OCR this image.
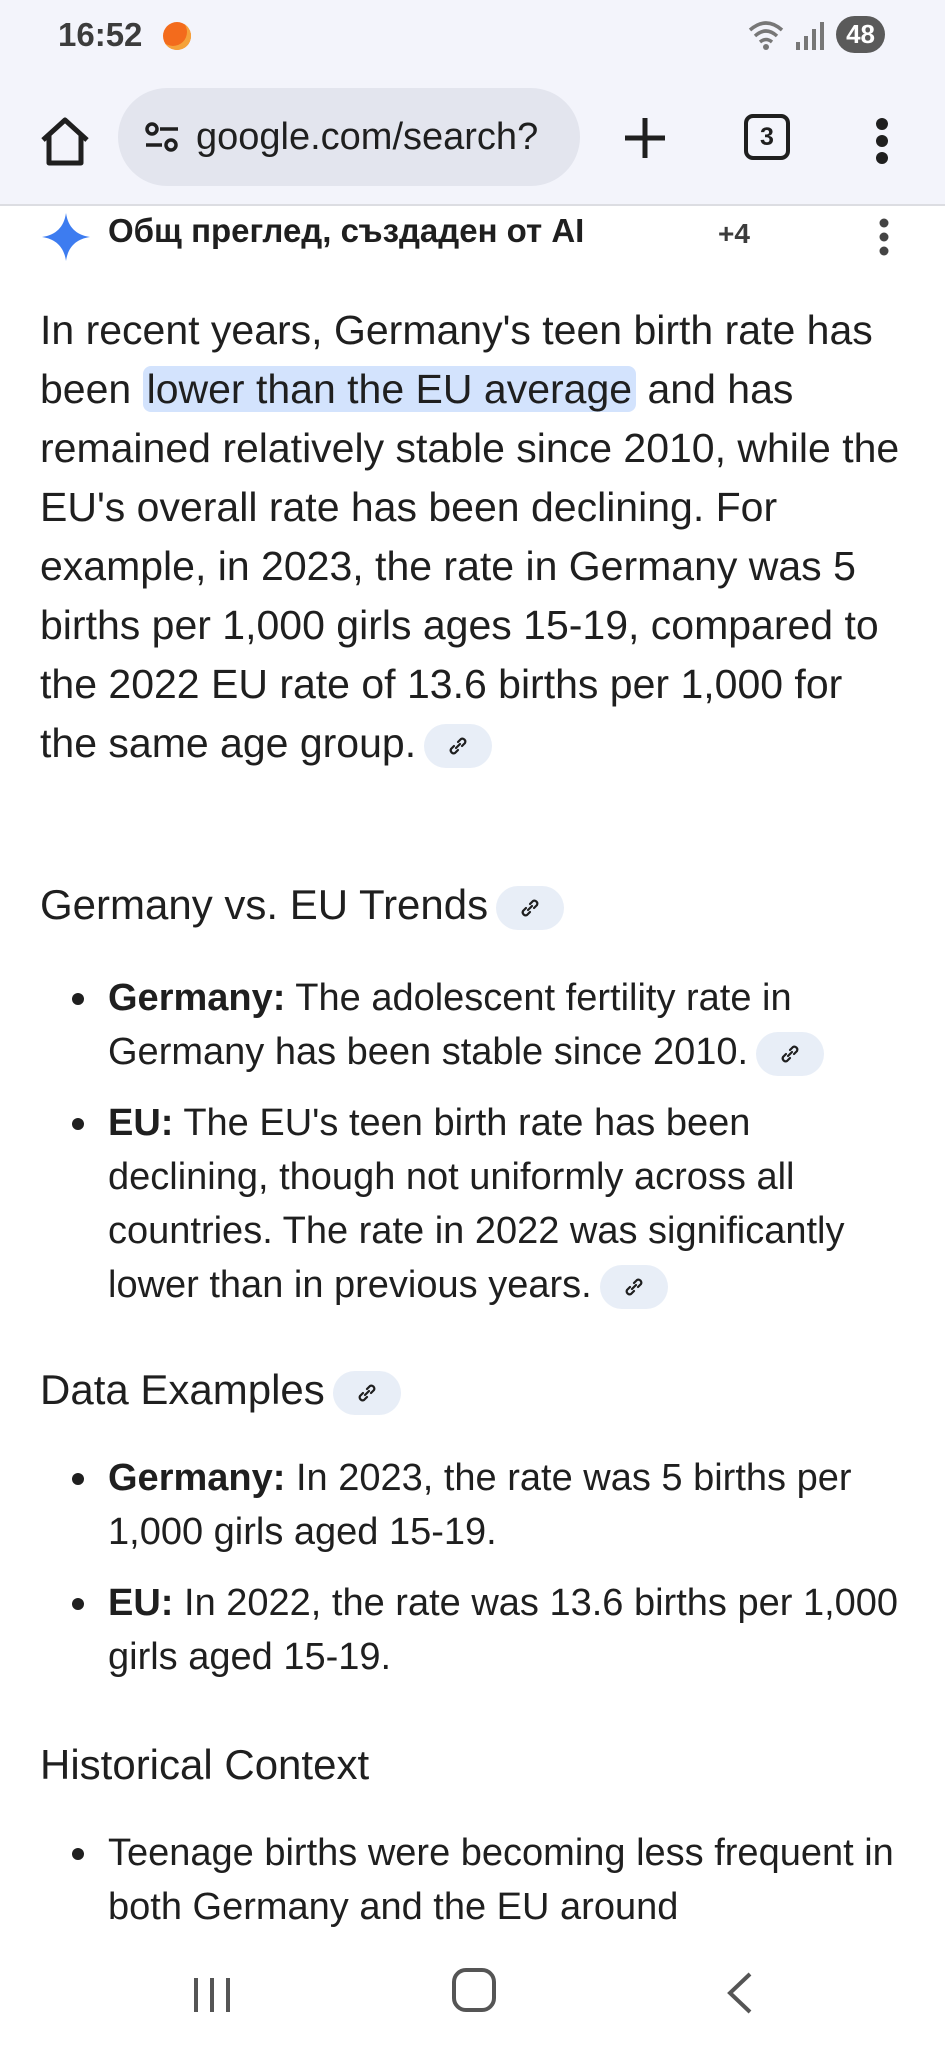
16:52	48
google.com/search?	3
Общ преглед, създаден от AI	+4

In recent years, Germany's teen birth rate has been lower than the EU average and has remained relatively stable since 2010, while the EU's overall rate has been declining. For example, in 2023, the rate in Germany was 5 births per 1,000 girls ages 15-19, compared to the 2022 EU rate of 13.6 births per 1,000 for the same age group.

Germany vs. EU Trends
Germany: The adolescent fertility rate in Germany has been stable since 2010.
EU: The EU's teen birth rate has been declining, though not uniformly across all countries. The rate in 2022 was significantly lower than in previous years.
Data Examples
Germany: In 2023, the rate was 5 births per 1,000 girls aged 15-19.
EU: In 2022, the rate was 13.6 births per 1,000 girls aged 15-19.
Historical Context
Teenage births were becoming less frequent in both Germany and the EU around
